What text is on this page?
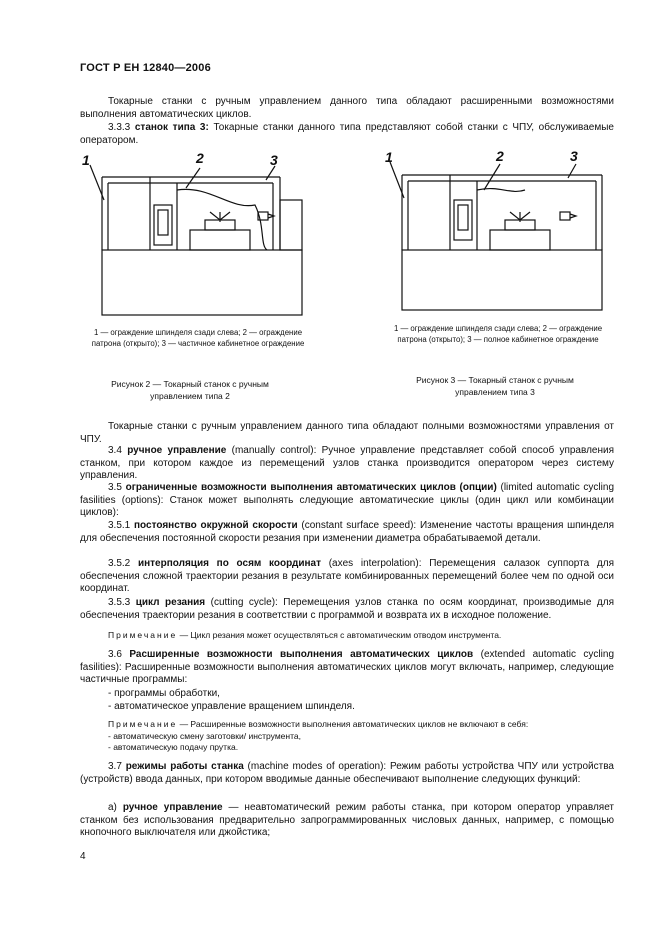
ГОСТ Р ЕН 12840—2006
Токарные станки с ручным управлением данного типа обладают расширенными возможностями выполнения автоматических циклов.
3.3.3 станок типа 3: Токарные станки данного типа представляют собой станки с ЧПУ, обслуживаемые оператором.
1	2	3	1	2	3
1 — ограждение шпинделя сзади слева; 2 — ограждение патрона (открыто); 3 — частичное кабинетное ограждение
1 — ограждение шпинделя сзади слева; 2 — ограждение патрона (открыто); 3 — полное кабинетное ограждение
Рисунок 2 — Токарный станок с ручным управлением типа 2
Рисунок 3 — Токарный станок с ручным управлением типа 3
Токарные станки с ручным управлением данного типа обладают полными возможностями управления от ЧПУ.
3.4 ручное управление (manually control): Ручное управление представляет собой способ управления станком, при котором каждое из перемещений узлов станка производится оператором через систему управления.
3.5 ограниченные возможности выполнения автоматических циклов (опции) (limited automatic cycling fasilities (options): Станок может выполнять следующие автоматические циклы (один цикл или комбинации циклов):
3.5.1 постоянство окружной скорости (constant surface speed): Изменение частоты вращения шпинделя для обеспечения постоянной скорости резания при изменении диаметра обрабатываемой детали.
3.5.2 интерполяция по осям координат (axes interpolation): Перемещения салазок суппорта для обеспечения сложной траектории резания в результате комбинированных перемещений более чем по одной оси координат.
3.5.3 цикл резания (cutting cycle): Перемещения узлов станка по осям координат, производимые для обеспечения траектории резания в соответствии с программой и возврата их в исходное положение.
Примечание — Цикл резания может осуществляться с автоматическим отводом инструмента.
3.6 Расширенные возможности выполнения автоматических циклов (extended automatic cycling fasilities): Расширенные возможности выполнения автоматических циклов могут включать, например, следующие частичные программы:
- программы обработки,
- автоматическое управление вращением шпинделя.
Примечание — Расширенные возможности выполнения автоматических циклов не включают в себя:
- автоматическую смену заготовки/ инструмента,
- автоматическую подачу прутка.
3.7 режимы работы станка (machine modes of operation): Режим работы устройства ЧПУ или устройства (устройств) ввода данных, при котором вводимые данные обеспечивают выполнение следующих функций:
а) ручное управление — неавтоматический режим работы станка, при котором оператор управляет станком без использования предварительно запрограммированных числовых данных, например, с помощью кнопочного выключателя или джойстика;
4
